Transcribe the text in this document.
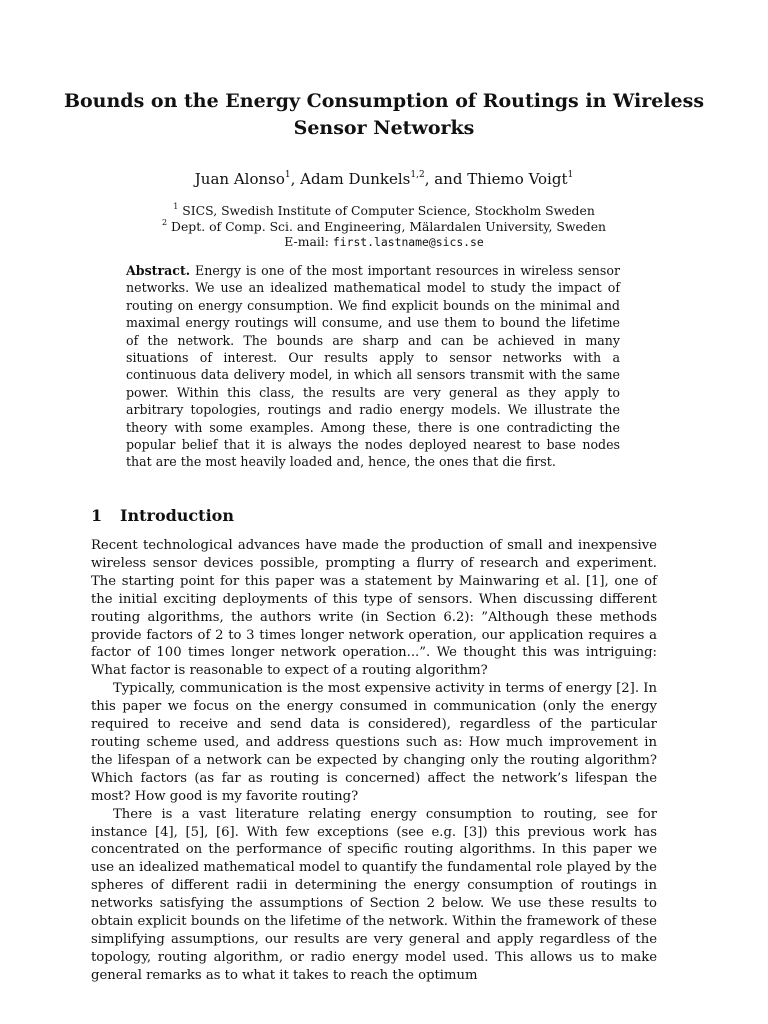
Bounds on the Energy Consumption of Routings in Wireless Sensor Networks
Juan Alonso$^1$, Adam Dunkels$^{1,2}$, and Thiemo Voigt$^1$
$^1$ SICS, Swedish Institute of Computer Science, Stockholm Sweden
$^2$ Dept. of Comp. Sci. and Engineering, Mälardalen University, Sweden
E-mail: first.lastname@sics.se
Abstract. Energy is one of the most important resources in wireless sensor networks. We use an idealized mathematical model to study the impact of routing on energy consumption. We find explicit bounds on the minimal and maximal energy routings will consume, and use them to bound the lifetime of the network. The bounds are sharp and can be achieved in many situations of interest. Our results apply to sensor networks with a continuous data delivery model, in which all sensors transmit with the same power. Within this class, the results are very general as they apply to arbitrary topologies, routings and radio energy models. We illustrate the theory with some examples. Among these, there is one contradicting the popular belief that it is always the nodes deployed nearest to base nodes that are the most heavily loaded and, hence, the ones that die first.
1 Introduction

Recent technological advances have made the production of small and inexpensive wireless sensor devices possible, prompting a flurry of research and experiment. The starting point for this paper was a statement by Mainwaring et al. [1], one of the initial exciting deployments of this type of sensors. When discussing different routing algorithms, the authors write (in Section 6.2): ”Although these methods provide factors of 2 to 3 times longer network operation, our application requires a factor of 100 times longer network operation...”. We thought this was intriguing: What factor is reasonable to expect of a routing algorithm?

Typically, communication is the most expensive activity in terms of energy [2]. In this paper we focus on the energy consumed in communication (only the energy required to receive and send data is considered), regardless of the particular routing scheme used, and address questions such as: How much improvement in the lifespan of a network can be expected by changing only the routing algorithm? Which factors (as far as routing is concerned) affect the network’s lifespan the most? How good is my favorite routing?

There is a vast literature relating energy consumption to routing, see for instance [4], [5], [6]. With few exceptions (see e.g. [3]) this previous work has concentrated on the performance of specific routing algorithms. In this paper we use an idealized mathematical model to quantify the fundamental role played by the spheres of different radii in determining the energy consumption of routings in networks satisfying the assumptions of Section 2 below. We use these results to obtain explicit bounds on the lifetime of the network. Within the framework of these simplifying assumptions, our results are very general and apply regardless of the topology, routing algorithm, or radio energy model used. This allows us to make general remarks as to what it takes to reach the optimum
